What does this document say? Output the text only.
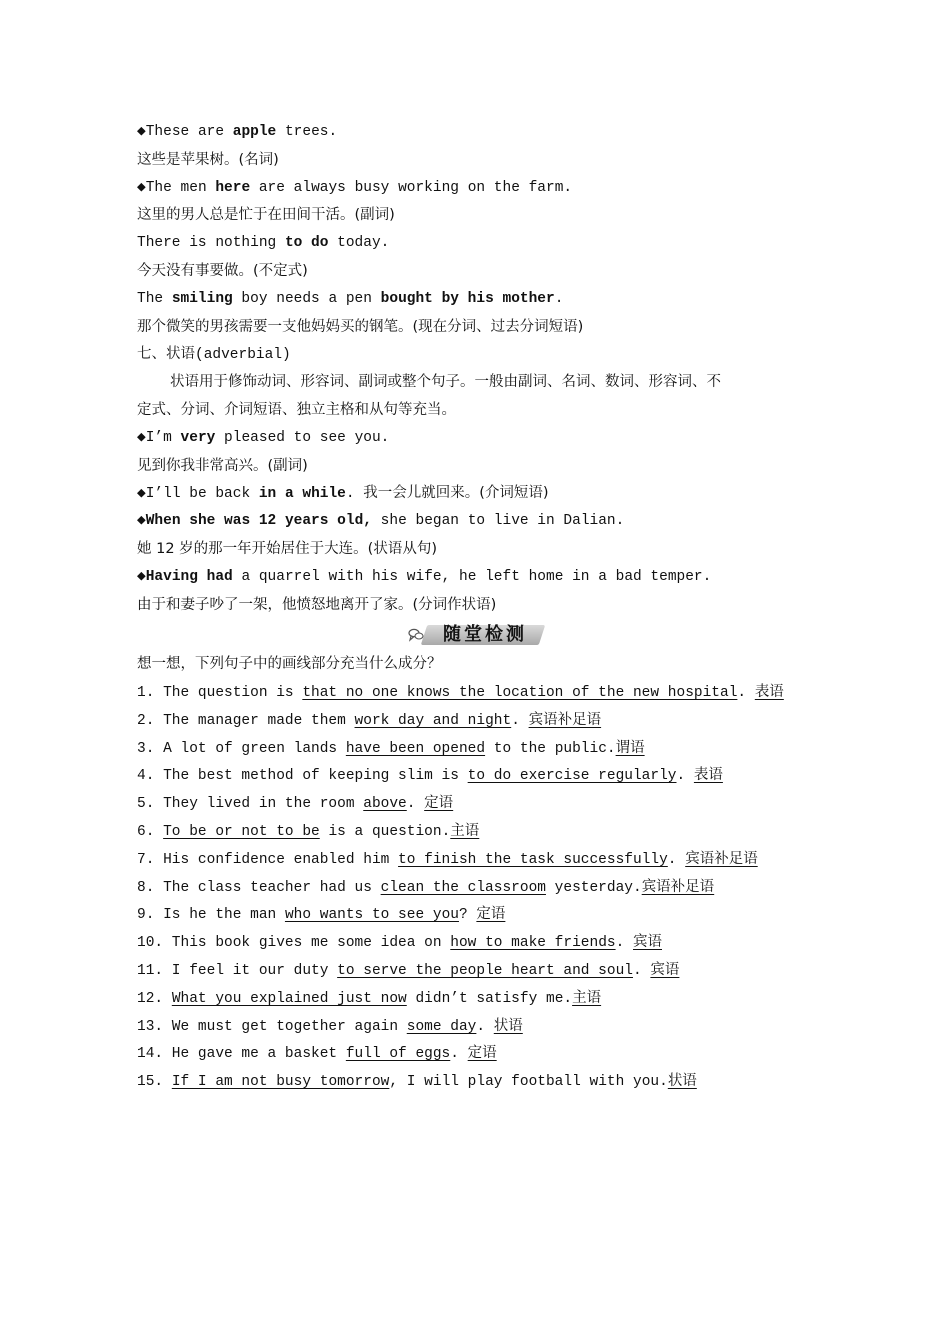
◆These are apple trees.
这些是苹果树。(名词)
◆The men here are always busy working on the farm.
这里的男人总是忙于在田间干活。(副词)
There is nothing to do today.
今天没有事要做。(不定式)
The smiling boy needs a pen bought by his mother.
那个微笑的男孩需要一支他妈妈买的钢笔。(现在分词、过去分词短语)
七、状语(adverbial)
状语用于修饰动词、形容词、副词或整个句子。一般由副词、名词、数词、形容词、不
定式、分词、介词短语、独立主格和从句等充当。
◆I’m very pleased to see you.
见到你我非常高兴。(副词)
◆I’ll be back in a while. 我一会儿就回来。(介词短语)
◆When she was 12 years old, she began to live in Dalian.
她 12 岁的那一年开始居住于大连。(状语从句)
◆Having had a quarrel with his wife, he left home in a bad temper.
由于和妻子吵了一架，他愤怒地离开了家。(分词作状语)
随堂检测
想一想，下列句子中的画线部分充当什么成分？
1. The question is that no one knows the location of the new hospital. 表语
2. The manager made them work day and night. 宾语补足语
3. A lot of green lands have been opened to the public.谓语
4. The best method of keeping slim is to do exercise regularly. 表语
5. They lived in the room above. 定语
6. To be or not to be is a question.主语
7. His confidence enabled him to finish the task successfully. 宾语补足语
8. The class teacher had us clean the classroom yesterday.宾语补足语
9. Is he the man who wants to see you? 定语
10. This book gives me some idea on how to make friends. 宾语
11. I feel it our duty to serve the people heart and soul. 宾语
12. What you explained just now didn’t satisfy me.主语
13. We must get together again some day. 状语
14. He gave me a basket full of eggs. 定语
15. If I am not busy tomorrow, I will play football with you.状语
